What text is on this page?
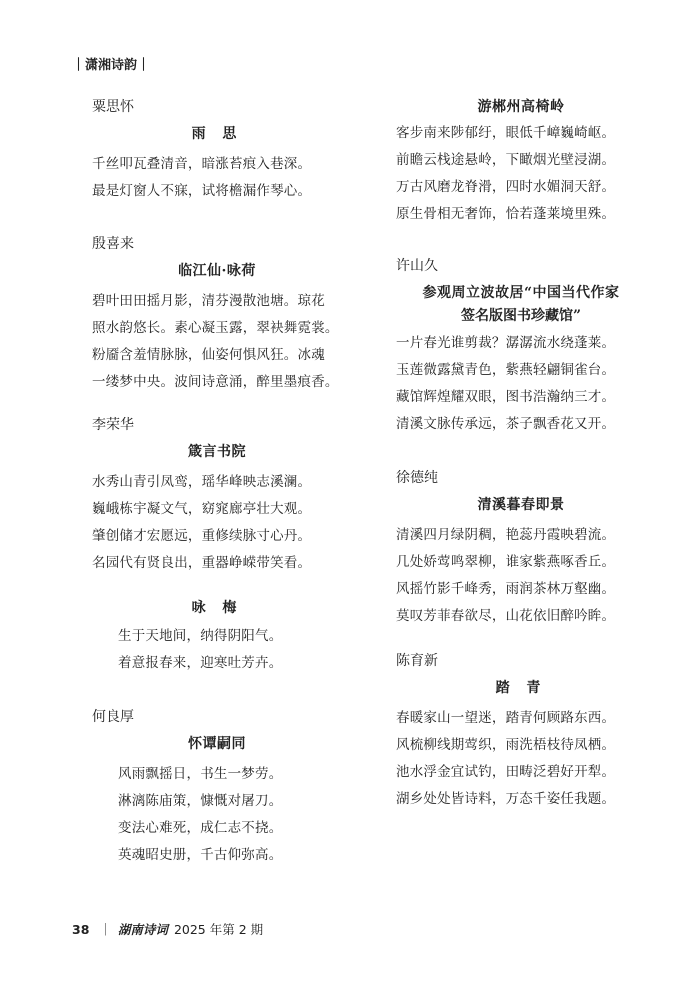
｜潇湘诗韵｜
粟思怀
雨 思
千丝叩瓦叠清音，暗涨苔痕入巷深。
最是灯窗人不寐，试将檐漏作琴心。
殷喜来
临江仙·咏荷
碧叶田田摇月影，清芬漫散池塘。琼花
照水韵悠长。素心凝玉露，翠袂舞霓裳。
粉靥含羞情脉脉，仙姿何惧风狂。冰魂
一缕梦中央。波间诗意涌，醉里墨痕香。
李荣华
箴言书院
水秀山青引凤鸾，瑶华峰映志溪澜。
巍峨栋宇凝文气，窈窕廊亭壮大观。
肇创储才宏愿远，重修续脉寸心丹。
名园代有贤良出，重器峥嵘带笑看。
咏 梅
生于天地间，纳得阴阳气。
着意报春来，迎寒吐芳卉。
何良厚
怀谭嗣同
风雨飘摇日，书生一梦劳。
淋漓陈庙策，慷慨对屠刀。
变法心难死，成仁志不挠。
英魂昭史册，千古仰弥高。
游郴州高椅岭
客步南来陟郁纡，眼低千嶂巍崎岖。
前瞻云栈途悬岭，下瞰烟光壁浸湖。
万古风磨龙脊滑，四时水媚洞天舒。
原生骨相无奢饰，恰若蓬莱境里殊。
许山久
参观周立波故居“中国当代作家
签名版图书珍藏馆”
一片春光谁剪裁？潺潺流水绕蓬莱。
玉莲微露黛青色，紫燕轻翩铜雀台。
藏馆辉煌耀双眼，图书浩瀚纳三才。
清溪文脉传承远，茶子飘香花又开。
徐德纯
清溪暮春即景
清溪四月绿阴稠，艳蕊丹霞映碧流。
几处娇莺鸣翠柳，谁家紫燕啄香丘。
风摇竹影千峰秀，雨润茶林万壑幽。
莫叹芳菲春欲尽，山花依旧醉吟眸。
陈育新
踏 青
春暖家山一望迷，踏青何顾路东西。
风梳柳线期莺织，雨洗梧枝待凤栖。
池水浮金宜试钓，田畴泛碧好开犁。
湖乡处处皆诗料，万态千姿任我题。
38 ｜ 湖南诗词 2025 年第 2 期
